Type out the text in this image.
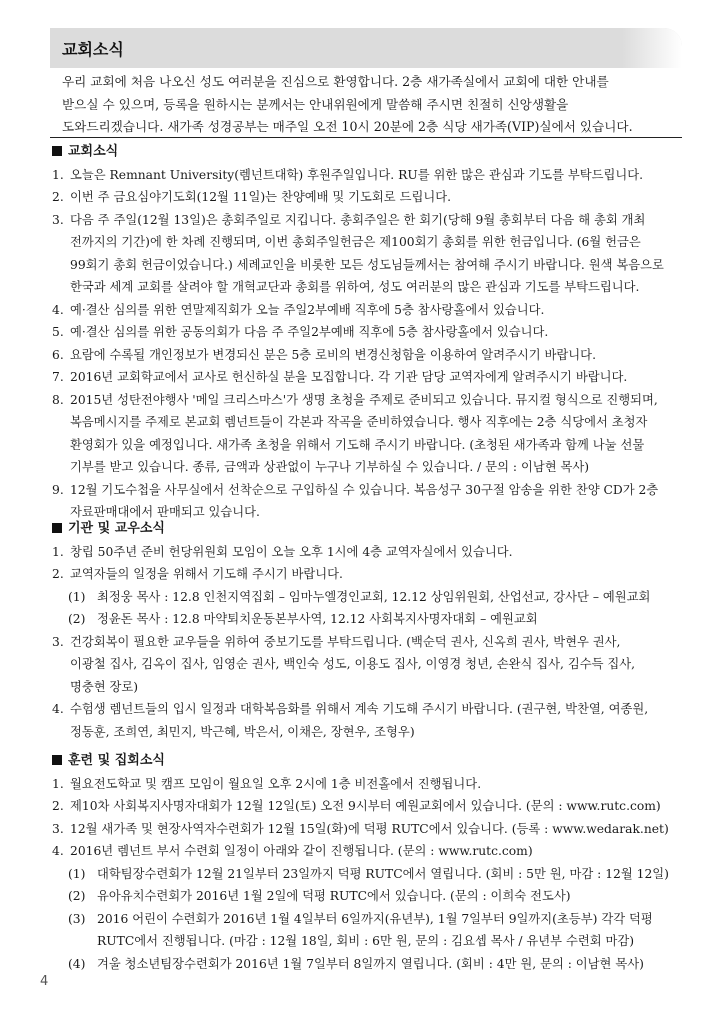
교회소식
우리 교회에 처음 나오신 성도 여러분을 진심으로 환영합니다. 2층 새가족실에서 교회에 대한 안내를
받으실 수 있으며, 등록을 원하시는 분께서는 안내위원에게 말씀해 주시면 친절히 신앙생활을
도와드리겠습니다. 새가족 성경공부는 매주일 오전 10시 20분에 2층 식당 새가족(VIP)실에서 있습니다.
교회소식
1. 오늘은 Remnant University(렘넌트대학) 후원주일입니다. RU를 위한 많은 관심과 기도를 부탁드립니다.
2. 이번 주 금요심야기도회(12월 11일)는 찬양예배 및 기도회로 드립니다.
3. 다음 주 주일(12월 13일)은 총회주일로 지킵니다. 총회주일은 한 회기(당해 9월 총회부터 다음 해 총회 개최
전까지의 기간)에 한 차례 진행되며, 이번 총회주일헌금은 제100회기 총회를 위한 헌금입니다. (6월 헌금은
99회기 총회 헌금이었습니다.) 세례교인을 비롯한 모든 성도님들께서는 참여해 주시기 바랍니다. 원색 복음으로
한국과 세계 교회를 살려야 할 개혁교단과 총회를 위하여, 성도 여러분의 많은 관심과 기도를 부탁드립니다.
4. 예·결산 심의를 위한 연말제직회가 오늘 주일2부예배 직후에 5층 참사랑홀에서 있습니다.
5. 예·결산 심의를 위한 공동의회가 다음 주 주일2부예배 직후에 5층 참사랑홀에서 있습니다.
6. 요람에 수록될 개인정보가 변경되신 분은 5층 로비의 변경신청함을 이용하여 알려주시기 바랍니다.
7. 2016년 교회학교에서 교사로 헌신하실 분을 모집합니다. 각 기관 담당 교역자에게 알려주시기 바랍니다.
8. 2015년 성탄전야행사 '메일 크리스마스'가 생명 초청을 주제로 준비되고 있습니다. 뮤지컬 형식으로 진행되며,
복음메시지를 주제로 본교회 렘넌트들이 각본과 작곡을 준비하였습니다. 행사 직후에는 2층 식당에서 초청자
환영회가 있을 예정입니다. 새가족 초청을 위해서 기도해 주시기 바랍니다. (초청된 새가족과 함께 나눌 선물
기부를 받고 있습니다. 종류, 금액과 상관없이 누구나 기부하실 수 있습니다. / 문의 : 이남현 목사)
9. 12월 기도수첩을 사무실에서 선착순으로 구입하실 수 있습니다. 복음성구 30구절 암송을 위한 찬양 CD가 2층
자료판매대에서 판매되고 있습니다.
기관 및 교우소식
1. 창립 50주년 준비 헌당위원회 모임이 오늘 오후 1시에 4층 교역자실에서 있습니다.
2. 교역자들의 일정을 위해서 기도해 주시기 바랍니다.
(1) 최정웅 목사 : 12.8 인천지역집회 – 임마누엘경인교회, 12.12 상임위원회, 산업선교, 강사단 – 예원교회
(2) 정윤돈 목사 : 12.8 마약퇴치운동본부사역, 12.12 사회복지사명자대회 – 예원교회
3. 건강회복이 필요한 교우들을 위하여 중보기도를 부탁드립니다. (백순덕 권사, 신옥희 권사, 박현우 권사,
이광철 집사, 김옥이 집사, 임영순 권사, 백인숙 성도, 이용도 집사, 이영경 청년, 손완식 집사, 김수득 집사,
명충현 장로)
4. 수험생 렘넌트들의 입시 일정과 대학복음화를 위해서 계속 기도해 주시기 바랍니다. (권구현, 박찬열, 여종원,
정동훈, 조희연, 최민지, 박근혜, 박은서, 이채은, 장현우, 조형우)
훈련 및 집회소식
1. 월요전도학교 및 캠프 모임이 월요일 오후 2시에 1층 비전홀에서 진행됩니다.
2. 제10차 사회복지사명자대회가 12월 12일(토) 오전 9시부터 예원교회에서 있습니다. (문의 : www.rutc.com)
3. 12월 새가족 및 현장사역자수련회가 12월 15일(화)에 덕평 RUTC에서 있습니다. (등록 : www.wedarak.net)
4. 2016년 렘넌트 부서 수련회 일정이 아래와 같이 진행됩니다. (문의 : www.rutc.com)
(1) 대학팀장수련회가 12월 21일부터 23일까지 덕평 RUTC에서 열립니다. (회비 : 5만 원, 마감 : 12월 12일)
(2) 유아유치수련회가 2016년 1월 2일에 덕평 RUTC에서 있습니다. (문의 : 이희숙 전도사)
(3) 2016 어린이 수련회가 2016년 1월 4일부터 6일까지(유년부), 1월 7일부터 9일까지(초등부) 각각 덕평
RUTC에서 진행됩니다. (마감 : 12월 18일, 회비 : 6만 원, 문의 : 김요셉 목사 / 유년부 수련회 마감)
(4) 겨울 청소년팀장수련회가 2016년 1월 7일부터 8일까지 열립니다. (회비 : 4만 원, 문의 : 이남현 목사)
4
